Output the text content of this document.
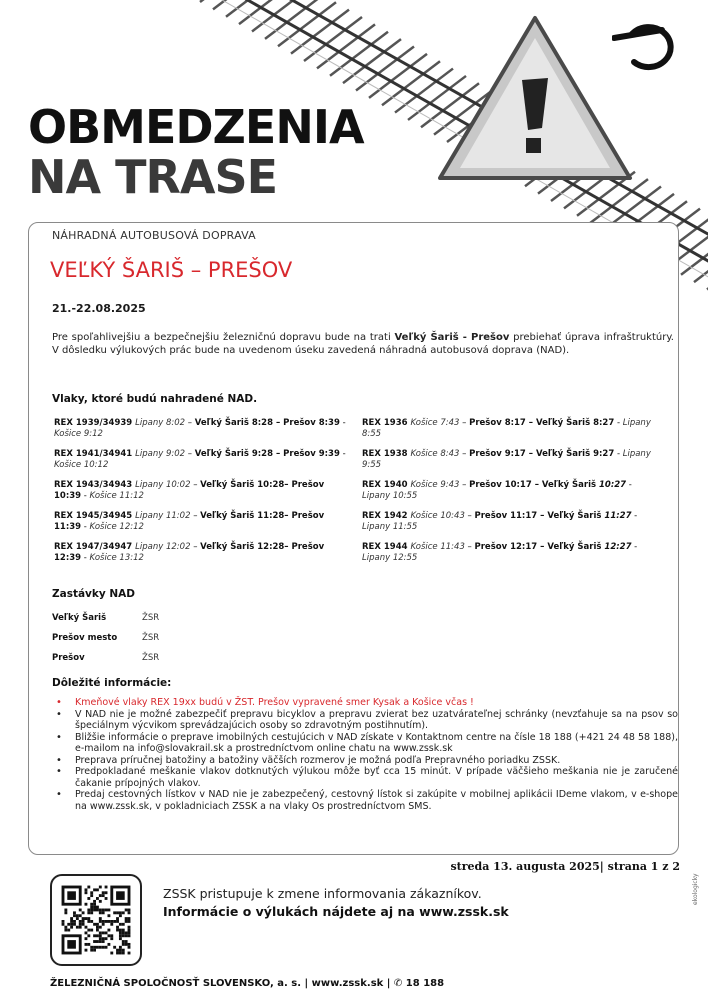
OBMEDZENIA
NA TRASE
NÁHRADNÁ AUTOBUSOVÁ DOPRAVA
VEĽKÝ ŠARIŠ – PREŠOV
21.-22.08.2025
Pre spoľahlivejšiu a bezpečnejšiu železničnú dopravu bude na trati Veľký Šariš - Prešov prebiehať úprava infraštruktúry. V dôsledku výlukových prác bude na uvedenom úseku zavedená náhradná autobusová doprava (NAD).
Vlaky, ktoré budú nahradené NAD.
REX 1939/34939 Lipany 8:02 – Veľký Šariš 8:28 – Prešov 8:39 - Košice 9:12
REX 1941/34941 Lipany 9:02 – Veľký Šariš 9:28 – Prešov 9:39 - Košice 10:12
REX 1943/34943 Lipany 10:02 – Veľký Šariš 10:28– Prešov 10:39 - Košice 11:12
REX 1945/34945 Lipany 11:02 – Veľký Šariš 11:28– Prešov 11:39 - Košice 12:12
REX 1947/34947 Lipany 12:02 – Veľký Šariš 12:28– Prešov 12:39 - Košice 13:12
REX 1936 Košice 7:43 – Prešov 8:17 – Veľký Šariš 8:27 - Lipany 8:55
REX 1938 Košice 8:43 – Prešov 9:17 – Veľký Šariš 9:27 - Lipany 9:55
REX 1940 Košice 9:43 – Prešov 10:17 – Veľký Šariš 10:27 - Lipany 10:55
REX 1942 Košice 10:43 – Prešov 11:17 – Veľký Šariš 11:27 - Lipany 11:55
REX 1944 Košice 11:43 – Prešov 12:17 – Veľký Šariš 12:27 - Lipany 12:55
Zastávky NAD
Veľký Šariš	ŽSR
Prešov mesto	ŽSR
Prešov	ŽSR
Dôležité informácie:
• Kmeňové vlaky REX 19xx budú v ŽST. Prešov vypravené smer Kysak a Košice včas !
• V NAD nie je možné zabezpečiť prepravu bicyklov a prepravu zvierat bez uzatvárateľnej schránky (nevzťahuje sa na psov so špeciálnym výcvikom sprevádzajúcich osoby so zdravotným postihnutím).
• Bližšie informácie o preprave imobilných cestujúcich v NAD získate v Kontaktnom centre na čísle 18 188 (+421 24 48 58 188), e-mailom na info@slovakrail.sk a prostredníctvom online chatu na www.zssk.sk
• Preprava príručnej batožiny a batožiny väčších rozmerov je možná podľa Prepravného poriadku ZSSK.
• Predpokladané meškanie vlakov dotknutých výlukou môže byť cca 15 minút. V prípade väčšieho meškania nie je zaručené čakanie prípojných vlakov.
• Predaj cestovných lístkov v NAD nie je zabezpečený, cestovný lístok si zakúpite v mobilnej aplikácii IDeme vlakom, v e-shope na www.zssk.sk, v pokladniciach ZSSK a na vlaky Os prostredníctvom SMS.
streda 13. augusta 2025| strana 1 z 2
ZSSK pristupuje k zmene informovania zákazníkov.
Informácie o výlukách nájdete aj na www.zssk.sk
ŽELEZNIČNÁ SPOLOČNOSŤ SLOVENSKO, a. s. | www.zssk.sk | ✆ 18 188
ekologicky
